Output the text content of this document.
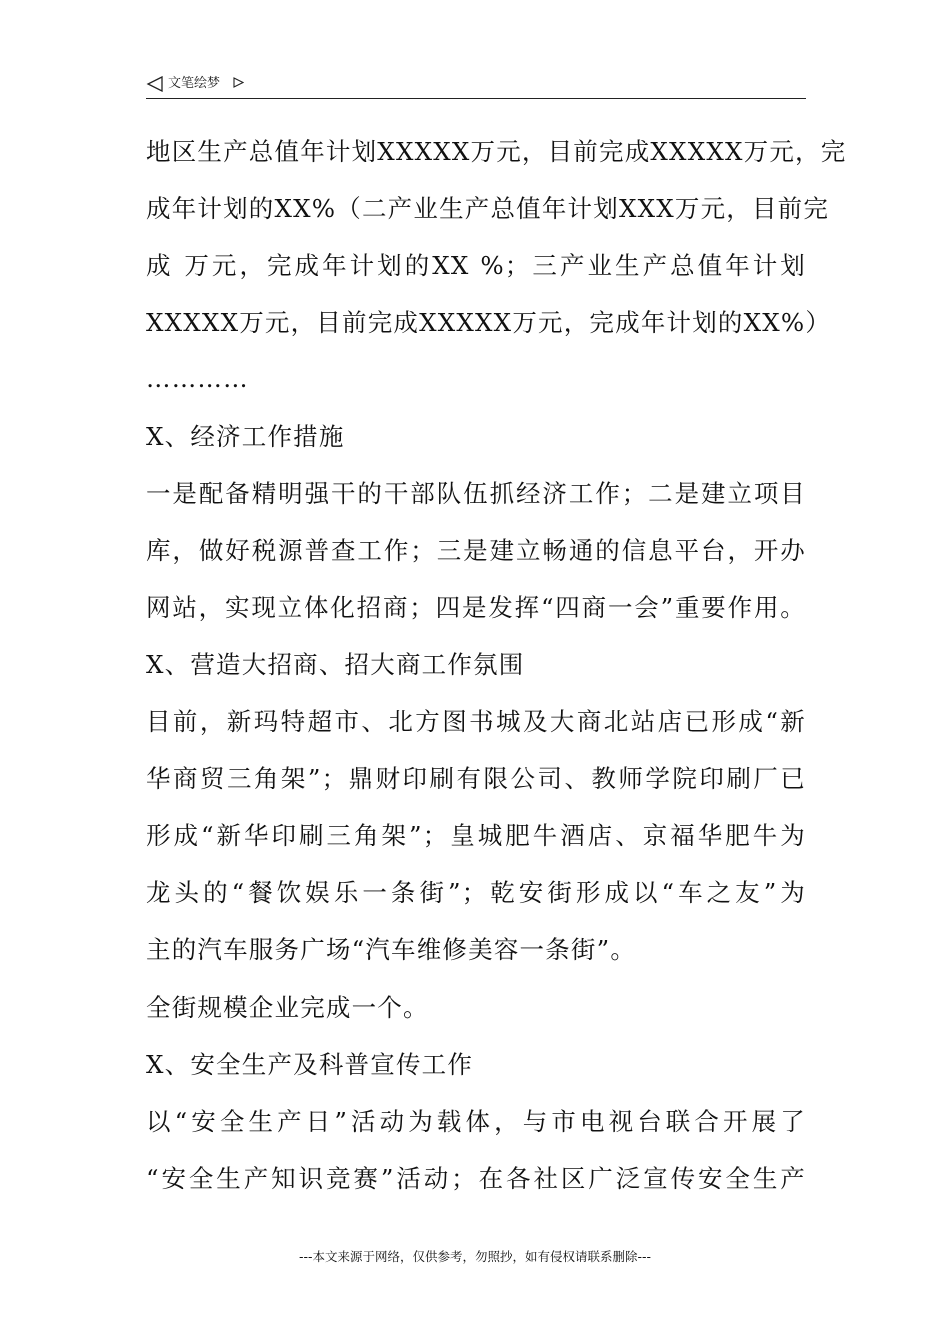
文笔绘梦
地区生产总值年计划XXXXX万元，目前完成XXXXX万元，完
成年计划的XX%（二产业生产总值年计划XXX万元，目前完
成 万元，完成年计划的XX %；三产业生产总值年计划
XXXXX万元，目前完成XXXXX万元，完成年计划的XX%）
…………
X、经济工作措施
一是配备精明强干的干部队伍抓经济工作；二是建立项目
库，做好税源普查工作；三是建立畅通的信息平台，开办
网站，实现立体化招商；四是发挥“四商一会”重要作用。
X、营造大招商、招大商工作氛围
目前，新玛特超市、北方图书城及大商北站店已形成“新
华商贸三角架”；鼎财印刷有限公司、教师学院印刷厂已
形成“新华印刷三角架”；皇城肥牛酒店、京福华肥牛为
龙头的“餐饮娱乐一条街”；乾安街形成以“车之友”为
主的汽车服务广场“汽车维修美容一条街”。
全街规模企业完成一个。
X、安全生产及科普宣传工作
以“安全生产日”活动为载体，与市电视台联合开展了
“安全生产知识竞赛”活动；在各社区广泛宣传安全生产
---本文来源于网络，仅供参考，勿照抄，如有侵权请联系删除---
